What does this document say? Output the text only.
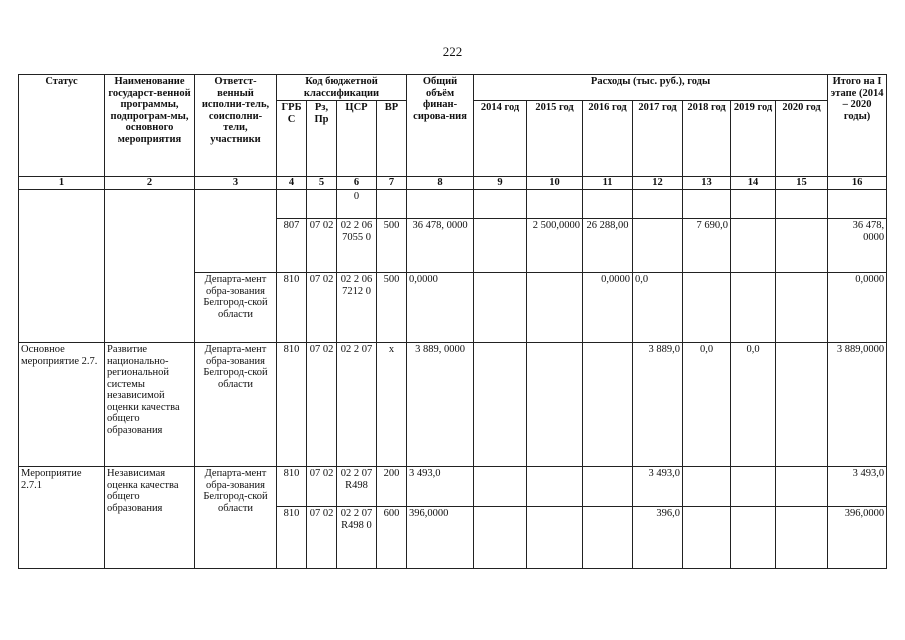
222
Статус	Наименование государст-венной программы, подпрограм-мы, основного мероприятия	Ответст-венный исполни-тель, соисполни-тели, участники	Код бюджетной классификации				Общий объём финан-сирова-ния	Расходы (тыс. руб.), годы							Итого на I этапе (2014 – 2020 годы)
			ГРБ С	Рз, Пр	ЦСР	ВР		2014 год	2015 год	2016 год	2017 год	2018 год	2019 год	2020 год	
1	2	3	4	5	6	7	8	9	10	11	12	13	14	15	16
					0										
			807	07 02	02 2 06 7055 0	500	36 478, 0000		2 500,0000	26 288,00		7 690,0			36 478, 0000
		Департа-мент обра-зования Белгород-ской области	810	07 02	02 2 06 7212 0	500	0,0000			0,0000	0,0				0,0000
Основное мероприятие 2.7.	Развитие национально-региональной системы независимой оценки качества общего образования	Департа-мент обра-зования Белгород-ской области	810	07 02	02 2 07	х	3 889, 0000				3 889,0	0,0	0,0		3 889,0000
Мероприятие 2.7.1	Независимая оценка качества общего образования	Департа-мент обра-зования Белгород-ской области	810	07 02	02 2 07 R498	200	3 493,0				3 493,0				3 493,0
			810	07 02	02 2 07 R498 0	600	396,0000				396,0				396,0000
